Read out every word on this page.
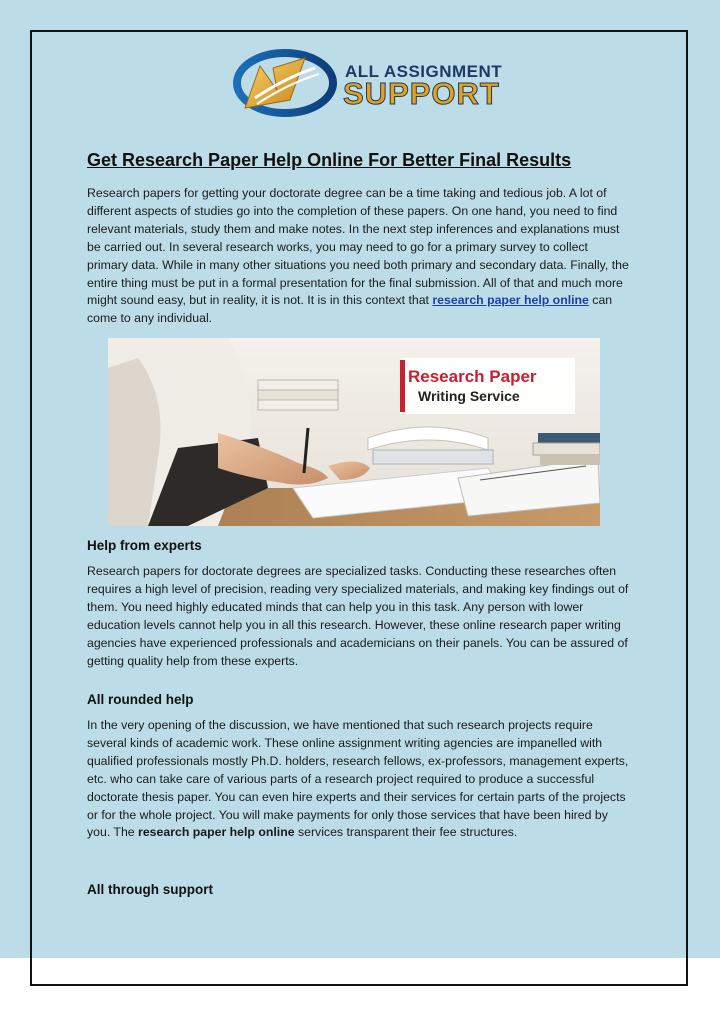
ALL ASSIGNMENT
SUPPORT
Get Research Paper Help Online For Better Final Results

Research papers for getting your doctorate degree can be a time taking and tedious job. A lot of different aspects of studies go into the completion of these papers. On one hand, you need to find relevant materials, study them and make notes. In the next step inferences and explanations must be carried out. In several research works, you may need to go for a primary survey to collect primary data. While in many other situations you need both primary and secondary data. Finally, the entire thing must be put in a formal presentation for the final submission. All of that and much more might sound easy, but in reality, it is not. It is in this context that research paper help online can come to any individual.

Research Paper
Writing Service
Help from experts

Research papers for doctorate degrees are specialized tasks. Conducting these researches often requires a high level of precision, reading very specialized materials, and making key findings out of them. You need highly educated minds that can help you in this task. Any person with lower education levels cannot help you in all this research. However, these online research paper writing agencies have experienced professionals and academicians on their panels. You can be assured of getting quality help from these experts.

All rounded help

In the very opening of the discussion, we have mentioned that such research projects require several kinds of academic work. These online assignment writing agencies are impanelled with qualified professionals mostly Ph.D. holders, research fellows, ex-professors, management experts, etc. who can take care of various parts of a research project required to produce a successful doctorate thesis paper. You can even hire experts and their services for certain parts of the projects or for the whole project. You will make payments for only those services that have been hired by you. The research paper help online services transparent their fee structures.

All through support
